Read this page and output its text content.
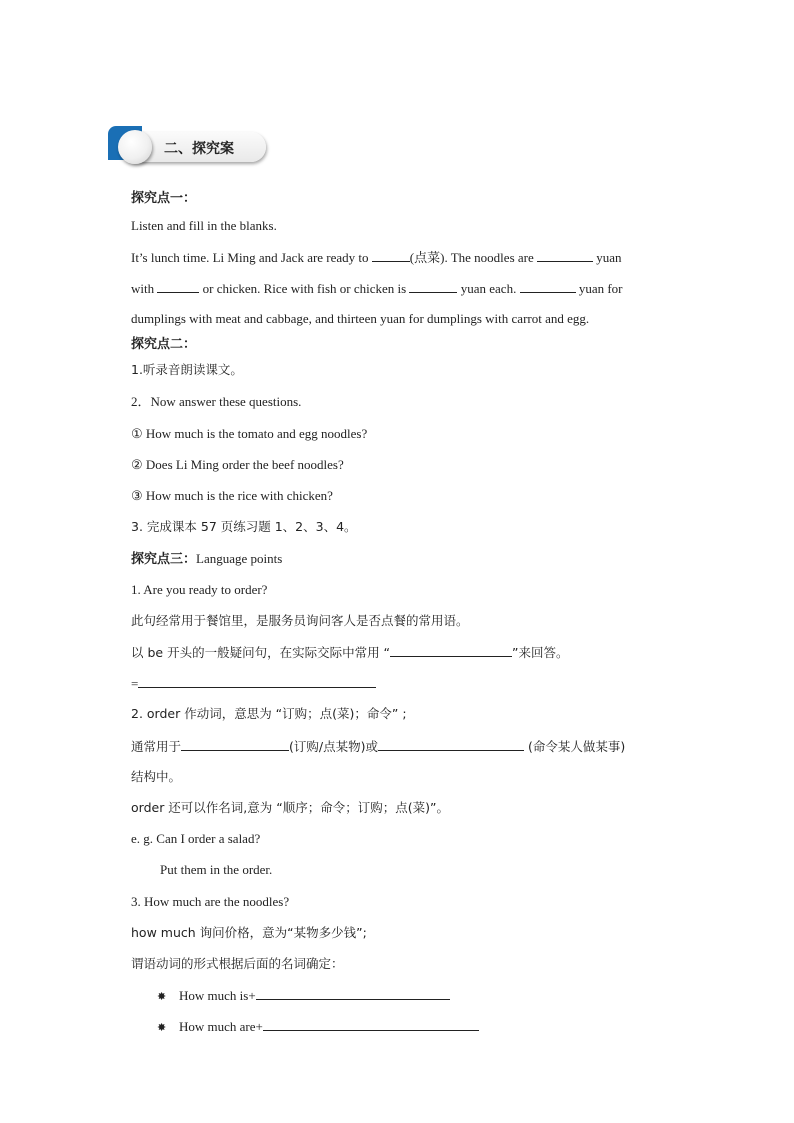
二、探究案
探究点一：
Listen and fill in the blanks.
It’s lunch time. Li Ming and Jack are ready to	(点菜). The noodles are	yuan
with	or chicken. Rice with fish or chicken is	yuan each.	yuan for
dumplings with meat and cabbage, and thirteen yuan for dumplings with carrot and egg.
探究点二：
1.听录音朗读课文。
2．Now answer these questions.
① How much is the tomato and egg noodles?
② Does Li Ming order the beef noodles?
③ How much is the rice with chicken?
3. 完成课本 57 页练习题 1、2、3、4。
探究点三：Language points
1. Are you ready to order?
此句经常用于餐馆里，是服务员询问客人是否点餐的常用语。
以 be 开头的一般疑问句，在实际交际中常用 “	”来回答。
=
2. order 作动词，意思为 “订购；点(菜)；命令” ;
通常用于	(订购/点某物)或	(命令某人做某事)
结构中。
order 还可以作名词,意为 “顺序；命令；订购；点(菜)”。
e. g. Can I order a salad?
Put them in the order.
3. How much are the noodles?
how much 询问价格，意为“某物多少钱”;
谓语动词的形式根据后面的名词确定：
✸ How much is+
✸ How much are+
